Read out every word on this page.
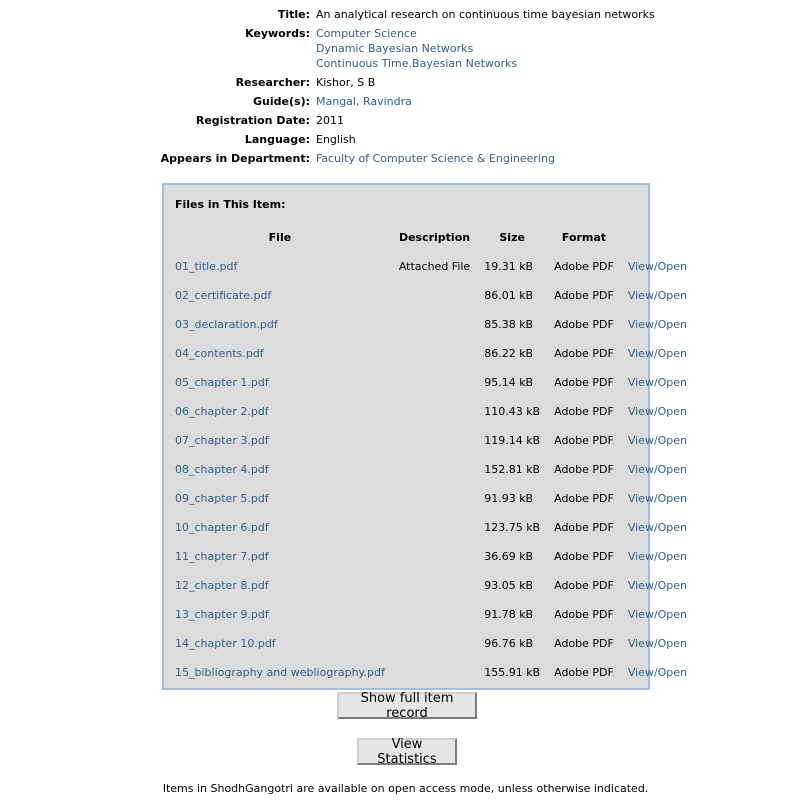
Title: An analytical research on continuous time bayesian networks
Keywords: Computer Science
Dynamic Bayesian Networks
Continuous Time.Bayesian Networks
Researcher: Kishor, S B
Guide(s): Mangal, Ravindra
Registration Date: 2011
Language: English
Appears in Department: Faculty of Computer Science & Engineering
Files in This Item:
File	Description	Size	Format	
01_title.pdf	Attached File	19.31 kB	Adobe PDF	View/Open
02_certificate.pdf		86.01 kB	Adobe PDF	View/Open
03_declaration.pdf		85.38 kB	Adobe PDF	View/Open
04_contents.pdf		86.22 kB	Adobe PDF	View/Open
05_chapter 1.pdf		95.14 kB	Adobe PDF	View/Open
06_chapter 2.pdf		110.43 kB	Adobe PDF	View/Open
07_chapter 3.pdf		119.14 kB	Adobe PDF	View/Open
08_chapter 4.pdf		152.81 kB	Adobe PDF	View/Open
09_chapter 5.pdf		91.93 kB	Adobe PDF	View/Open
10_chapter 6.pdf		123.75 kB	Adobe PDF	View/Open
11_chapter 7.pdf		36.69 kB	Adobe PDF	View/Open
12_chapter 8.pdf		93.05 kB	Adobe PDF	View/Open
13_chapter 9.pdf		91.78 kB	Adobe PDF	View/Open
14_chapter 10.pdf		96.76 kB	Adobe PDF	View/Open
15_bibliography and webliography.pdf		155.91 kB	Adobe PDF	View/Open
Show full item record
View Statistics
Items in ShodhGangotri are available on open access mode, unless otherwise indicated.
